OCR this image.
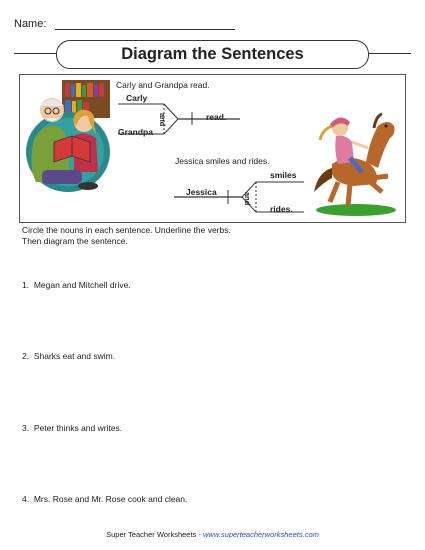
Name:
Diagram the Sentences
Carly and Grandpa read.
Carly
Grandpa
and	read.
Jessica smiles and rides.
Jessica
smiles
rides.
and
Circle the nouns in each sentence. Underline the verbs.
Then diagram the sentence.
1. Megan and Mitchell drive.
2. Sharks eat and swim.
3. Peter thinks and writes.
4. Mrs. Rose and Mr. Rose cook and clean.
Super Teacher Worksheets - www.superteacherworksheets.com
